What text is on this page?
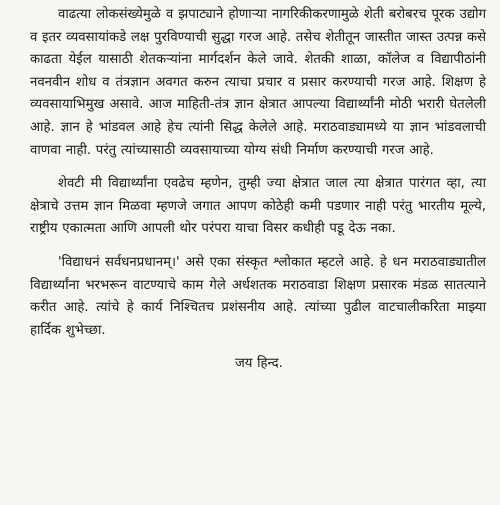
वाढत्या लोकसंख्येमुळे व झपाट्याने होणाऱ्या नागरिकीकरणामुळे शेती बरोबरच पूरक उद्योग व इतर व्यवसायांकडे लक्ष पुरविण्याची सुद्धा गरज आहे. तसेच शेतीतून जास्तीत जास्त उत्पन्न कसे काढता येईल यासाठी शेतकऱ्यांना मार्गदर्शन केले जावे. शेतकी शाळा, कॉलेज व विद्यापीठांनी नवनवीन शोध व तंत्रज्ञान अवगत करुन त्याचा प्रचार व प्रसार करण्याची गरज आहे. शिक्षण हे व्यवसायाभिमुख असावे. आज माहिती-तंत्र ज्ञान क्षेत्रात आपल्या विद्यार्थ्यांनी मोठी भरारी घेतलेली आहे. ज्ञान हे भांडवल आहे हेच त्यांनी सिद्ध केलेले आहे. मराठवाड्यामध्ये या ज्ञान भांडवलाची वाणवा नाही. परंतु त्यांच्यासाठी व्यवसायाच्या योग्य संधी निर्माण करण्याची गरज आहे.

शेवटी मी विद्यार्थ्यांना एवढेच म्हणेन, तुम्ही ज्या क्षेत्रात जाल त्या क्षेत्रात पारंगत व्हा, त्या क्षेत्राचे उत्तम ज्ञान मिळवा म्हणजे जगात आपण कोठेही कमी पडणार नाही परंतु भारतीय मूल्ये, राष्ट्रीय एकात्मता आणि आपली थोर परंपरा याचा विसर कधीही पडू देऊ नका.

'विद्याधनं सर्वधनप्रधानम्।' असे एका संस्कृत श्लोकात म्हटले आहे. हे धन मराठवाड्यातील विद्यार्थ्यांना भरभरून वाटण्याचे काम गेले अर्धशतक मराठवाडा शिक्षण प्रसारक मंडळ सातत्याने करीत आहे. त्यांचे हे कार्य निश्चितच प्रशंसनीय आहे. त्यांच्या पुढील वाटचालीकरिता माझ्या हार्दिक शुभेच्छा.

जय हिन्द.
